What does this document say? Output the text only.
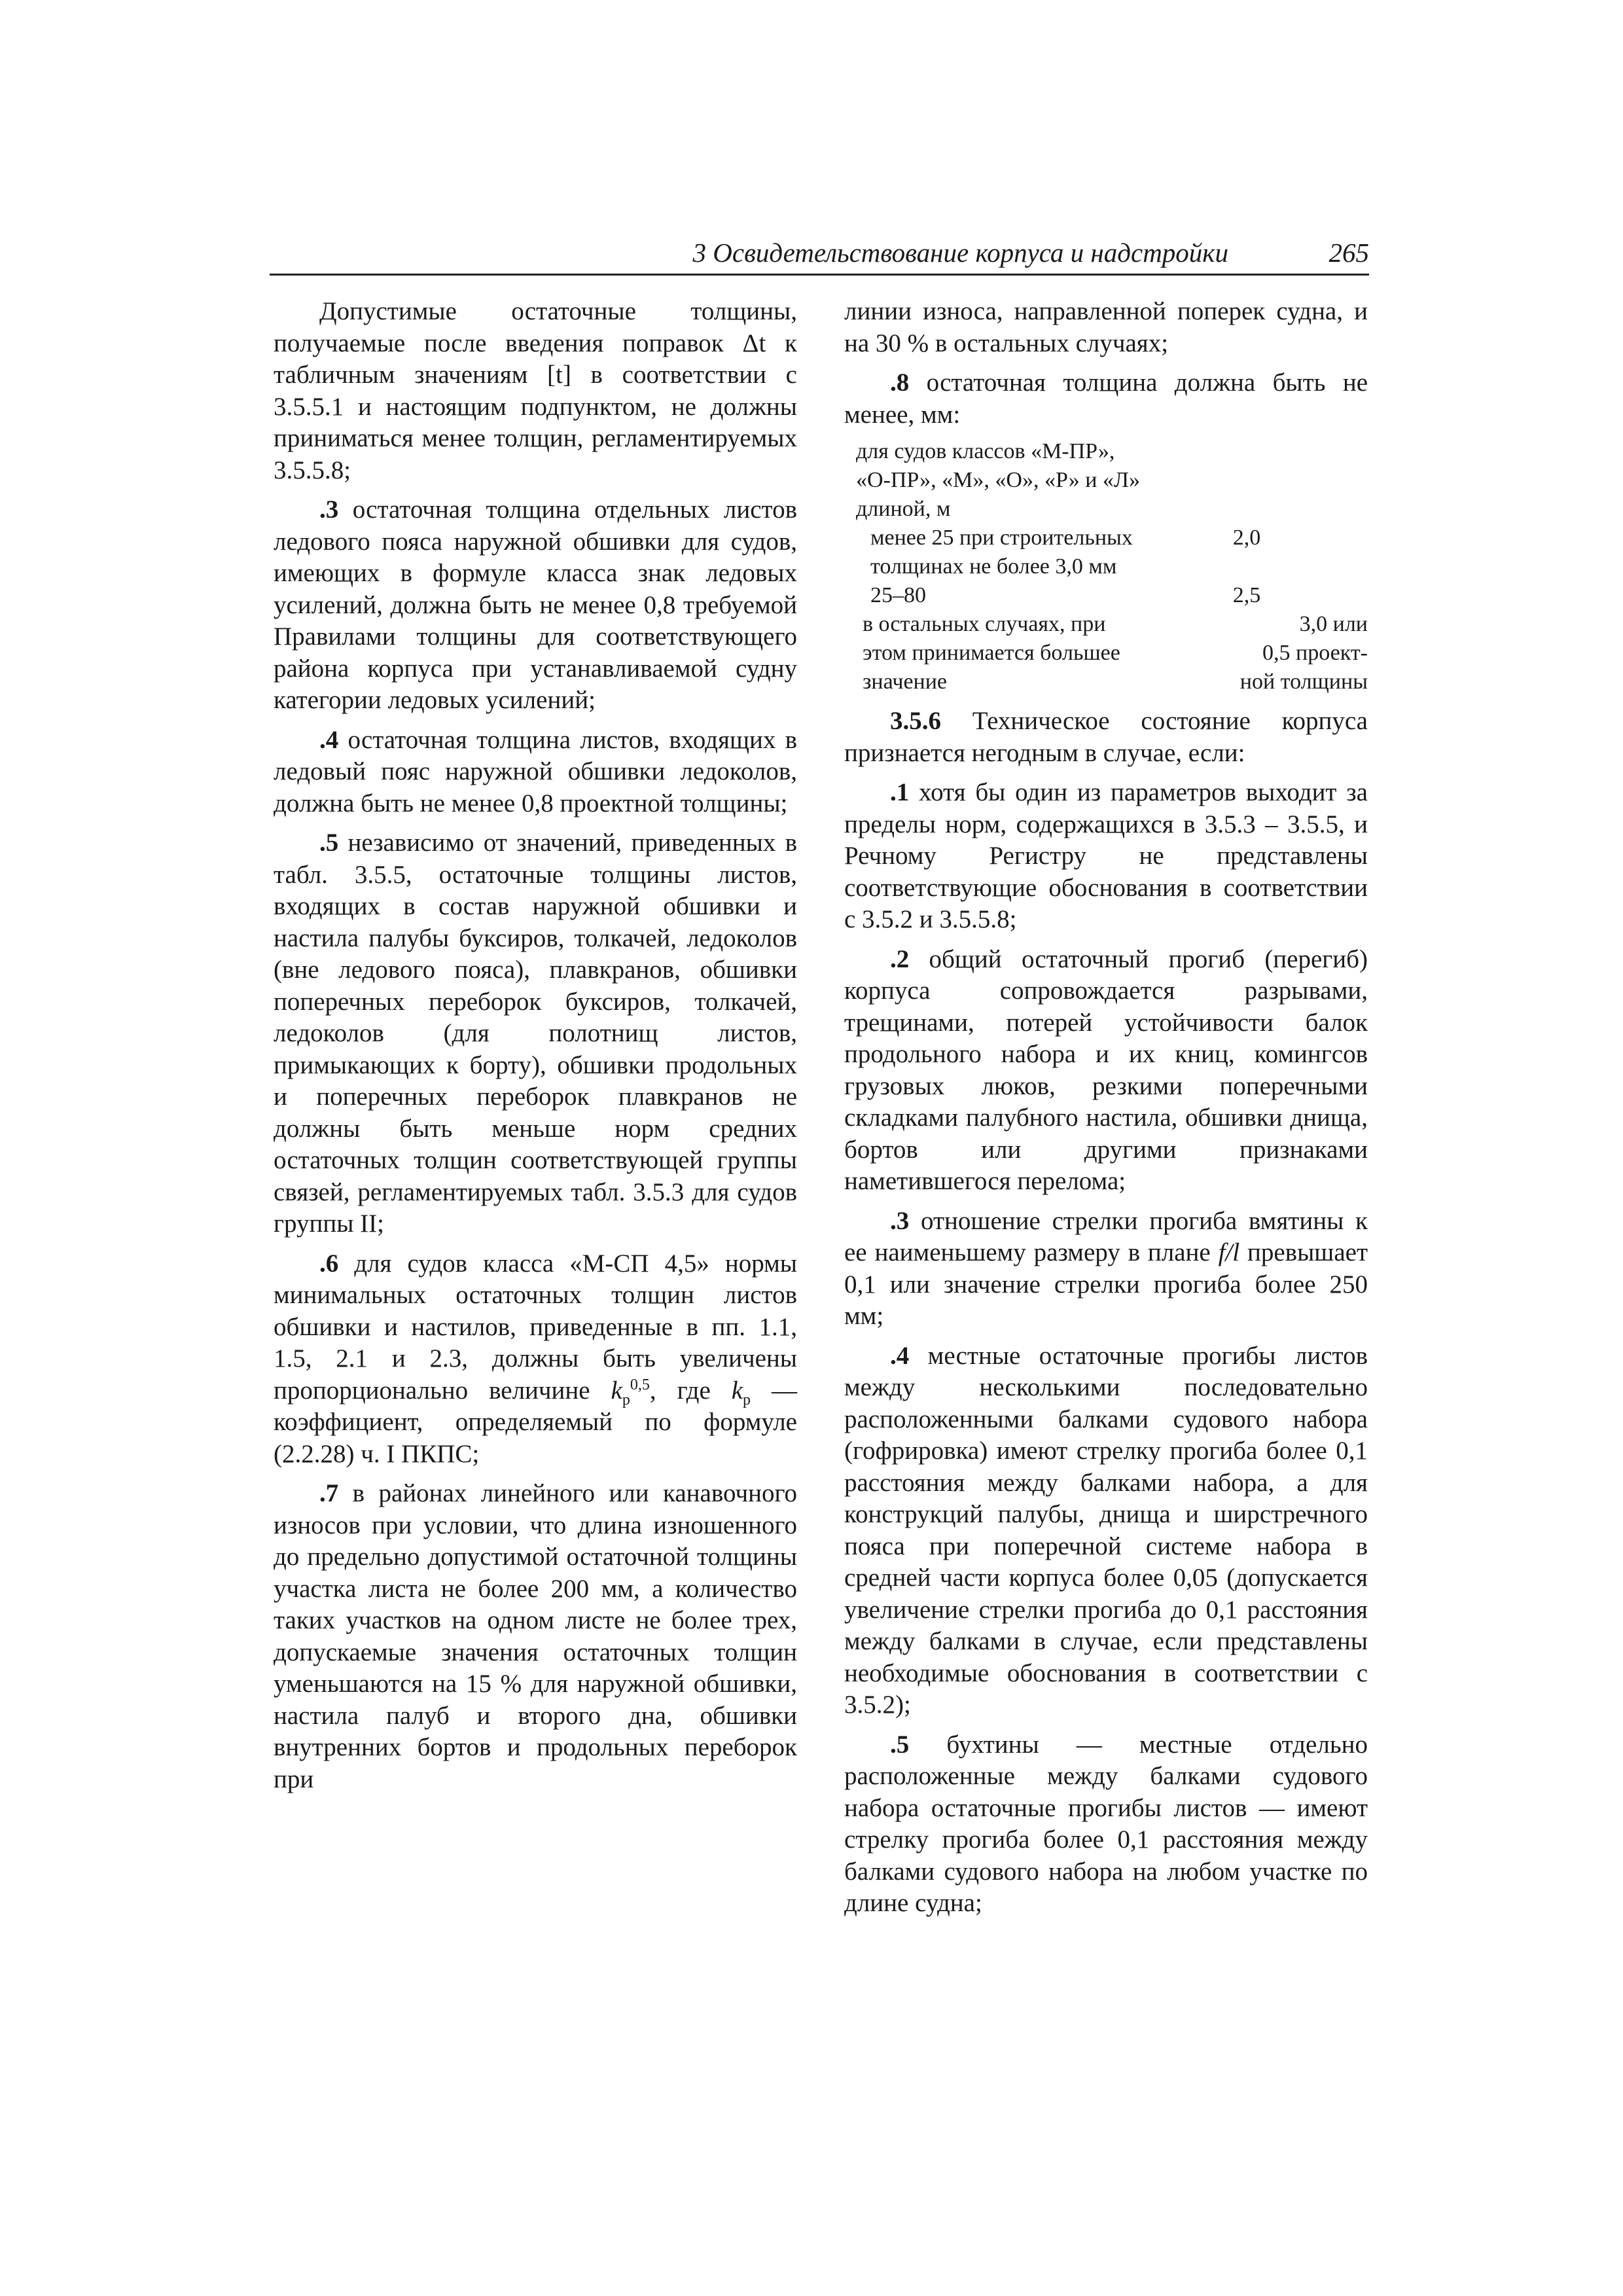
3 Освидетельствование корпуса и надстройки	265

Допустимые остаточные толщины, получаемые после введения поправок Δt к табличным значениям [t] в соответствии с 3.5.5.1 и настоящим подпунктом, не должны приниматься менее толщин, регламентируемых 3.5.5.8;

.3 остаточная толщина отдельных листов ледового пояса наружной обшивки для судов, имеющих в формуле класса знак ледовых усилений, должна быть не менее 0,8 требуемой Правилами толщины для соответствующего района корпуса при устанавливаемой судну категории ледовых усилений;

.4 остаточная толщина листов, входящих в ледовый пояс наружной обшивки ледоколов, должна быть не менее 0,8 проектной толщины;

.5 независимо от значений, приведенных в табл. 3.5.5, остаточные толщины листов, входящих в состав наружной обшивки и настила палубы буксиров, толкачей, ледоколов (вне ледового пояса), плавкранов, обшивки поперечных переборок буксиров, толкачей, ледоколов (для полотнищ листов, примыкающих к борту), обшивки продольных и поперечных переборок плавкранов не должны быть меньше норм средних остаточных толщин соответствующей группы связей, регламентируемых табл. 3.5.3 для судов группы II;

.6 для судов класса «М-СП 4,5» нормы минимальных остаточных толщин листов обшивки и настилов, приведенные в пп. 1.1, 1.5, 2.1 и 2.3, должны быть увеличены пропорционально величине $k_р^{0,5}$, где $k_р$ — коэффициент, определяемый по формуле (2.2.28) ч. I ПКПС;

.7 в районах линейного или канавочного износов при условии, что длина изношенного до предельно допустимой остаточной толщины участка листа не более 200 мм, а количество таких участков на одном листе не более трех, допускаемые значения остаточных толщин уменьшаются на 15 % для наружной обшивки, настила палуб и второго дна, обшивки внутренних бортов и продольных переборок при

линии износа, направленной поперек судна, и на 30 % в остальных случаях;

.8 остаточная толщина должна быть не менее, мм:

для судов классов «М-ПР»,
«О-ПР», «М», «О», «Р» и «Л»
длиной, м
менее 25 при строительных
толщинах не более 3,0 мм
2,0
25–80	2,5
в остальных случаях, при
этом принимается большее
значение
3,0 или
0,5 проект-
ной толщины

3.5.6 Техническое состояние корпуса признается негодным в случае, если:

.1 хотя бы один из параметров выходит за пределы норм, содержащихся в 3.5.3 – 3.5.5, и Речному Регистру не представлены соответствующие обоснования в соответствии с 3.5.2 и 3.5.5.8;

.2 общий остаточный прогиб (перегиб) корпуса сопровождается разрывами, трещинами, потерей устойчивости балок продольного набора и их книц, комингсов грузовых люков, резкими поперечными складками палубного настила, обшивки днища, бортов или другими признаками наметившегося перелома;

.3 отношение стрелки прогиба вмятины к ее наименьшему размеру в плане f/l превышает 0,1 или значение стрелки прогиба более 250 мм;

.4 местные остаточные прогибы листов между несколькими последовательно расположенными балками судового набора (гофрировка) имеют стрелку прогиба более 0,1 расстояния между балками набора, а для конструкций палубы, днища и ширстречного пояса при поперечной системе набора в средней части корпуса более 0,05 (допускается увеличение стрелки прогиба до 0,1 расстояния между балками в случае, если представлены необходимые обоснования в соответствии с 3.5.2);

.5 бухтины — местные отдельно расположенные между балками судового набора остаточные прогибы листов — имеют стрелку прогиба более 0,1 расстояния между балками судового набора на любом участке по длине судна;
